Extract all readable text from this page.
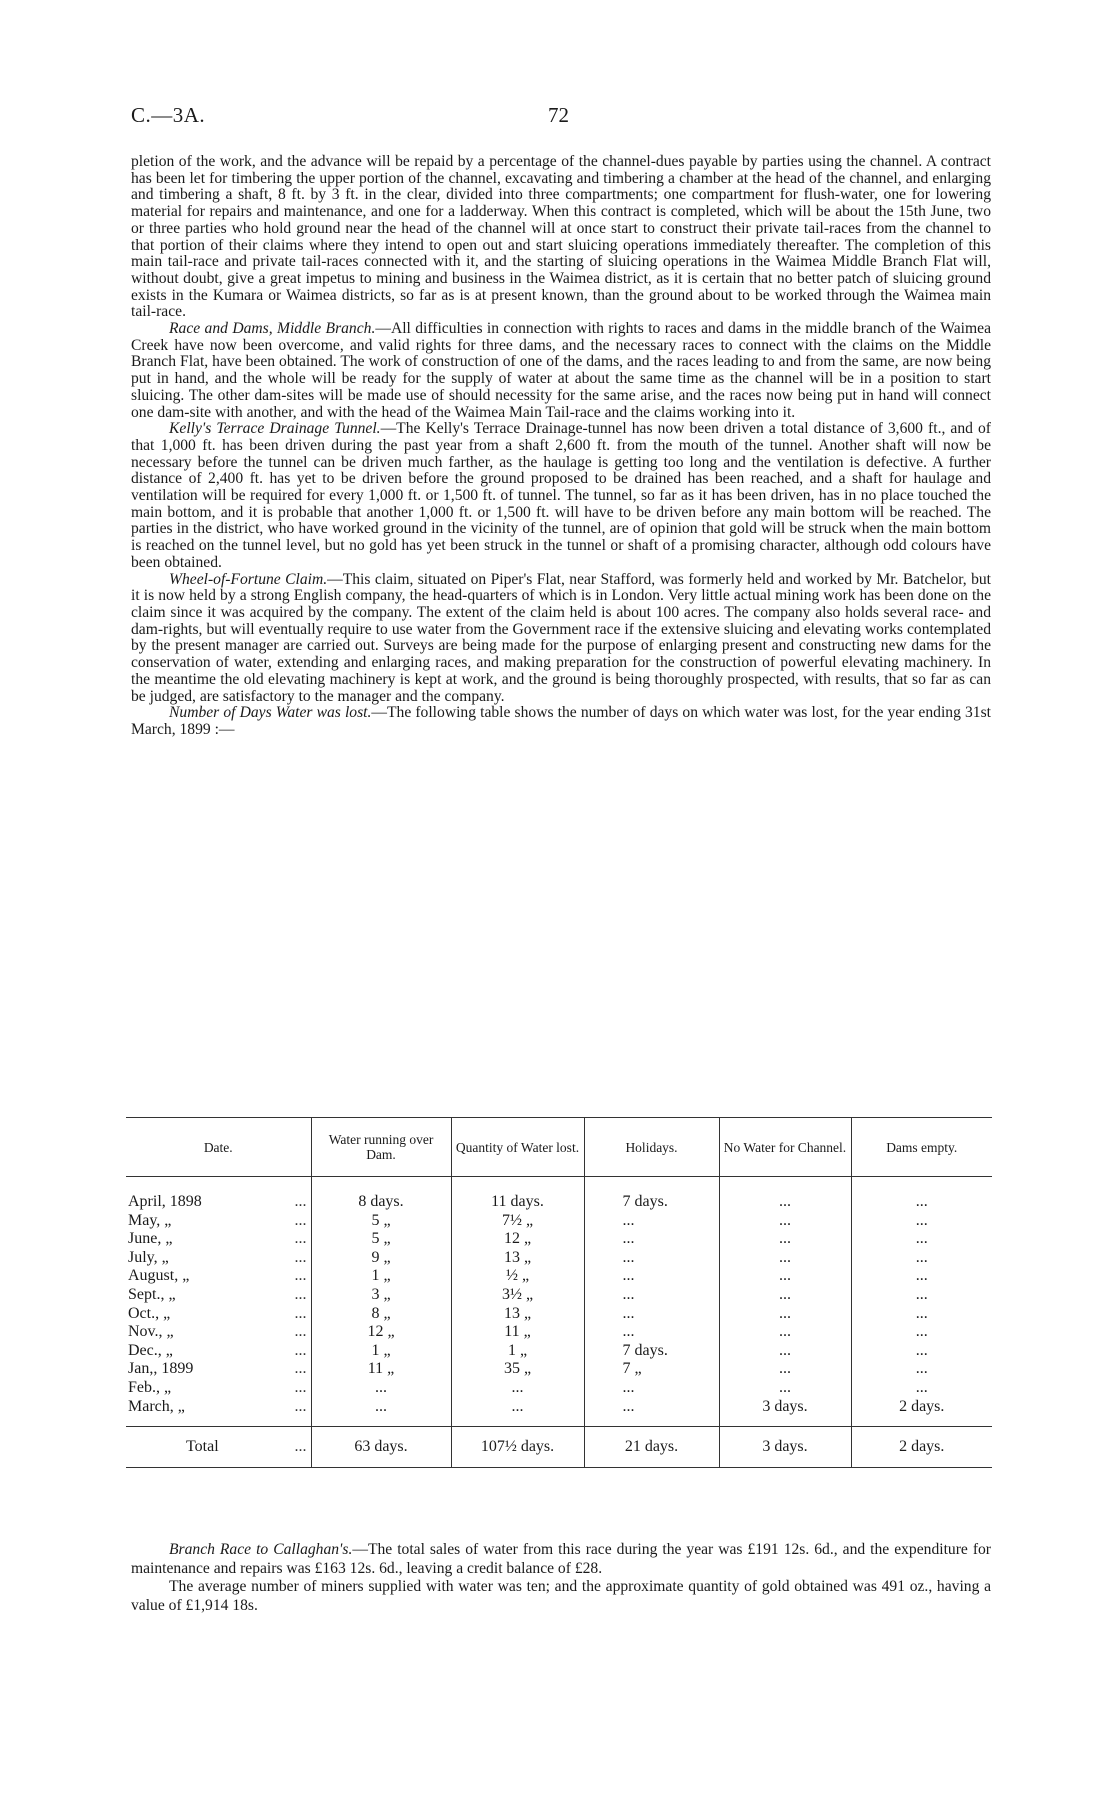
C.—3A.	72

pletion of the work, and the advance will be repaid by a percentage of the channel-dues payable by parties using the channel. A contract has been let for timbering the upper portion of the channel, excavating and timbering a chamber at the head of the channel, and enlarging and timbering a shaft, 8 ft. by 3 ft. in the clear, divided into three compartments; one compartment for flush-water, one for lowering material for repairs and maintenance, and one for a ladderway. When this contract is completed, which will be about the 15th June, two or three parties who hold ground near the head of the channel will at once start to construct their private tail-races from the channel to that portion of their claims where they intend to open out and start sluicing operations immediately thereafter. The completion of this main tail-race and private tail-races connected with it, and the starting of sluicing operations in the Waimea Middle Branch Flat will, without doubt, give a great impetus to mining and business in the Waimea district, as it is certain that no better patch of sluicing ground exists in the Kumara or Waimea districts, so far as is at present known, than the ground about to be worked through the Waimea main tail-race.

Race and Dams, Middle Branch.—All difficulties in connection with rights to races and dams in the middle branch of the Waimea Creek have now been overcome, and valid rights for three dams, and the necessary races to connect with the claims on the Middle Branch Flat, have been obtained. The work of construction of one of the dams, and the races leading to and from the same, are now being put in hand, and the whole will be ready for the supply of water at about the same time as the channel will be in a position to start sluicing. The other dam-sites will be made use of should necessity for the same arise, and the races now being put in hand will connect one dam-site with another, and with the head of the Waimea Main Tail-race and the claims working into it.

Kelly's Terrace Drainage Tunnel.—The Kelly's Terrace Drainage-tunnel has now been driven a total distance of 3,600 ft., and of that 1,000 ft. has been driven during the past year from a shaft 2,600 ft. from the mouth of the tunnel. Another shaft will now be necessary before the tunnel can be driven much farther, as the haulage is getting too long and the ventilation is defective. A further distance of 2,400 ft. has yet to be driven before the ground proposed to be drained has been reached, and a shaft for haulage and ventilation will be required for every 1,000 ft. or 1,500 ft. of tunnel. The tunnel, so far as it has been driven, has in no place touched the main bottom, and it is probable that another 1,000 ft. or 1,500 ft. will have to be driven before any main bottom will be reached. The parties in the district, who have worked ground in the vicinity of the tunnel, are of opinion that gold will be struck when the main bottom is reached on the tunnel level, but no gold has yet been struck in the tunnel or shaft of a promising character, although odd colours have been obtained.

Wheel-of-Fortune Claim.—This claim, situated on Piper's Flat, near Stafford, was formerly held and worked by Mr. Batchelor, but it is now held by a strong English company, the head-quarters of which is in London. Very little actual mining work has been done on the claim since it was acquired by the company. The extent of the claim held is about 100 acres. The company also holds several race- and dam-rights, but will eventually require to use water from the Government race if the extensive sluicing and elevating works contemplated by the present manager are carried out. Surveys are being made for the purpose of enlarging present and constructing new dams for the conservation of water, extending and enlarging races, and making preparation for the construction of powerful elevating machinery. In the meantime the old elevating machinery is kept at work, and the ground is being thoroughly prospected, with results, that so far as can be judged, are satisfactory to the manager and the company.

Number of Days Water was lost.—The following table shows the number of days on which water was lost, for the year ending 31st March, 1899 :—

Date.	Water running over Dam.	Quantity of Water lost.	Holidays.	No Water for Channel.	Dams empty.
April, 1898 ...	8 days.	11 days.	7 days.	...	...
May, „ ...	5 „	7½ „	...	...	...
June, „ ...	5 „	12 „	...	...	...
July, „ ...	9 „	13 „	...	...	...
August, „ ...	1 „	½ „	...	...	...
Sept., „ ...	3 „	3½ „	...	...	...
Oct., „ ...	8 „	13 „	...	...	...
Nov., „ ...	12 „	11 „	...	...	...
Dec., „ ...	1 „	1 „	7 days.	...	...
Jan,, 1899 ...	11 „	35 „	7 „	...	...
Feb., „ ...	...	...	...	...	...
March, „ ...	...	...	...	3 days.	2 days.
Total ...	63 days.	107½ days.	21 days.	3 days.	2 days.

Branch Race to Callaghan's.—The total sales of water from this race during the year was £191 12s. 6d., and the expenditure for maintenance and repairs was £163 12s. 6d., leaving a credit balance of £28.

The average number of miners supplied with water was ten; and the approximate quantity of gold obtained was 491 oz., having a value of £1,914 18s.
